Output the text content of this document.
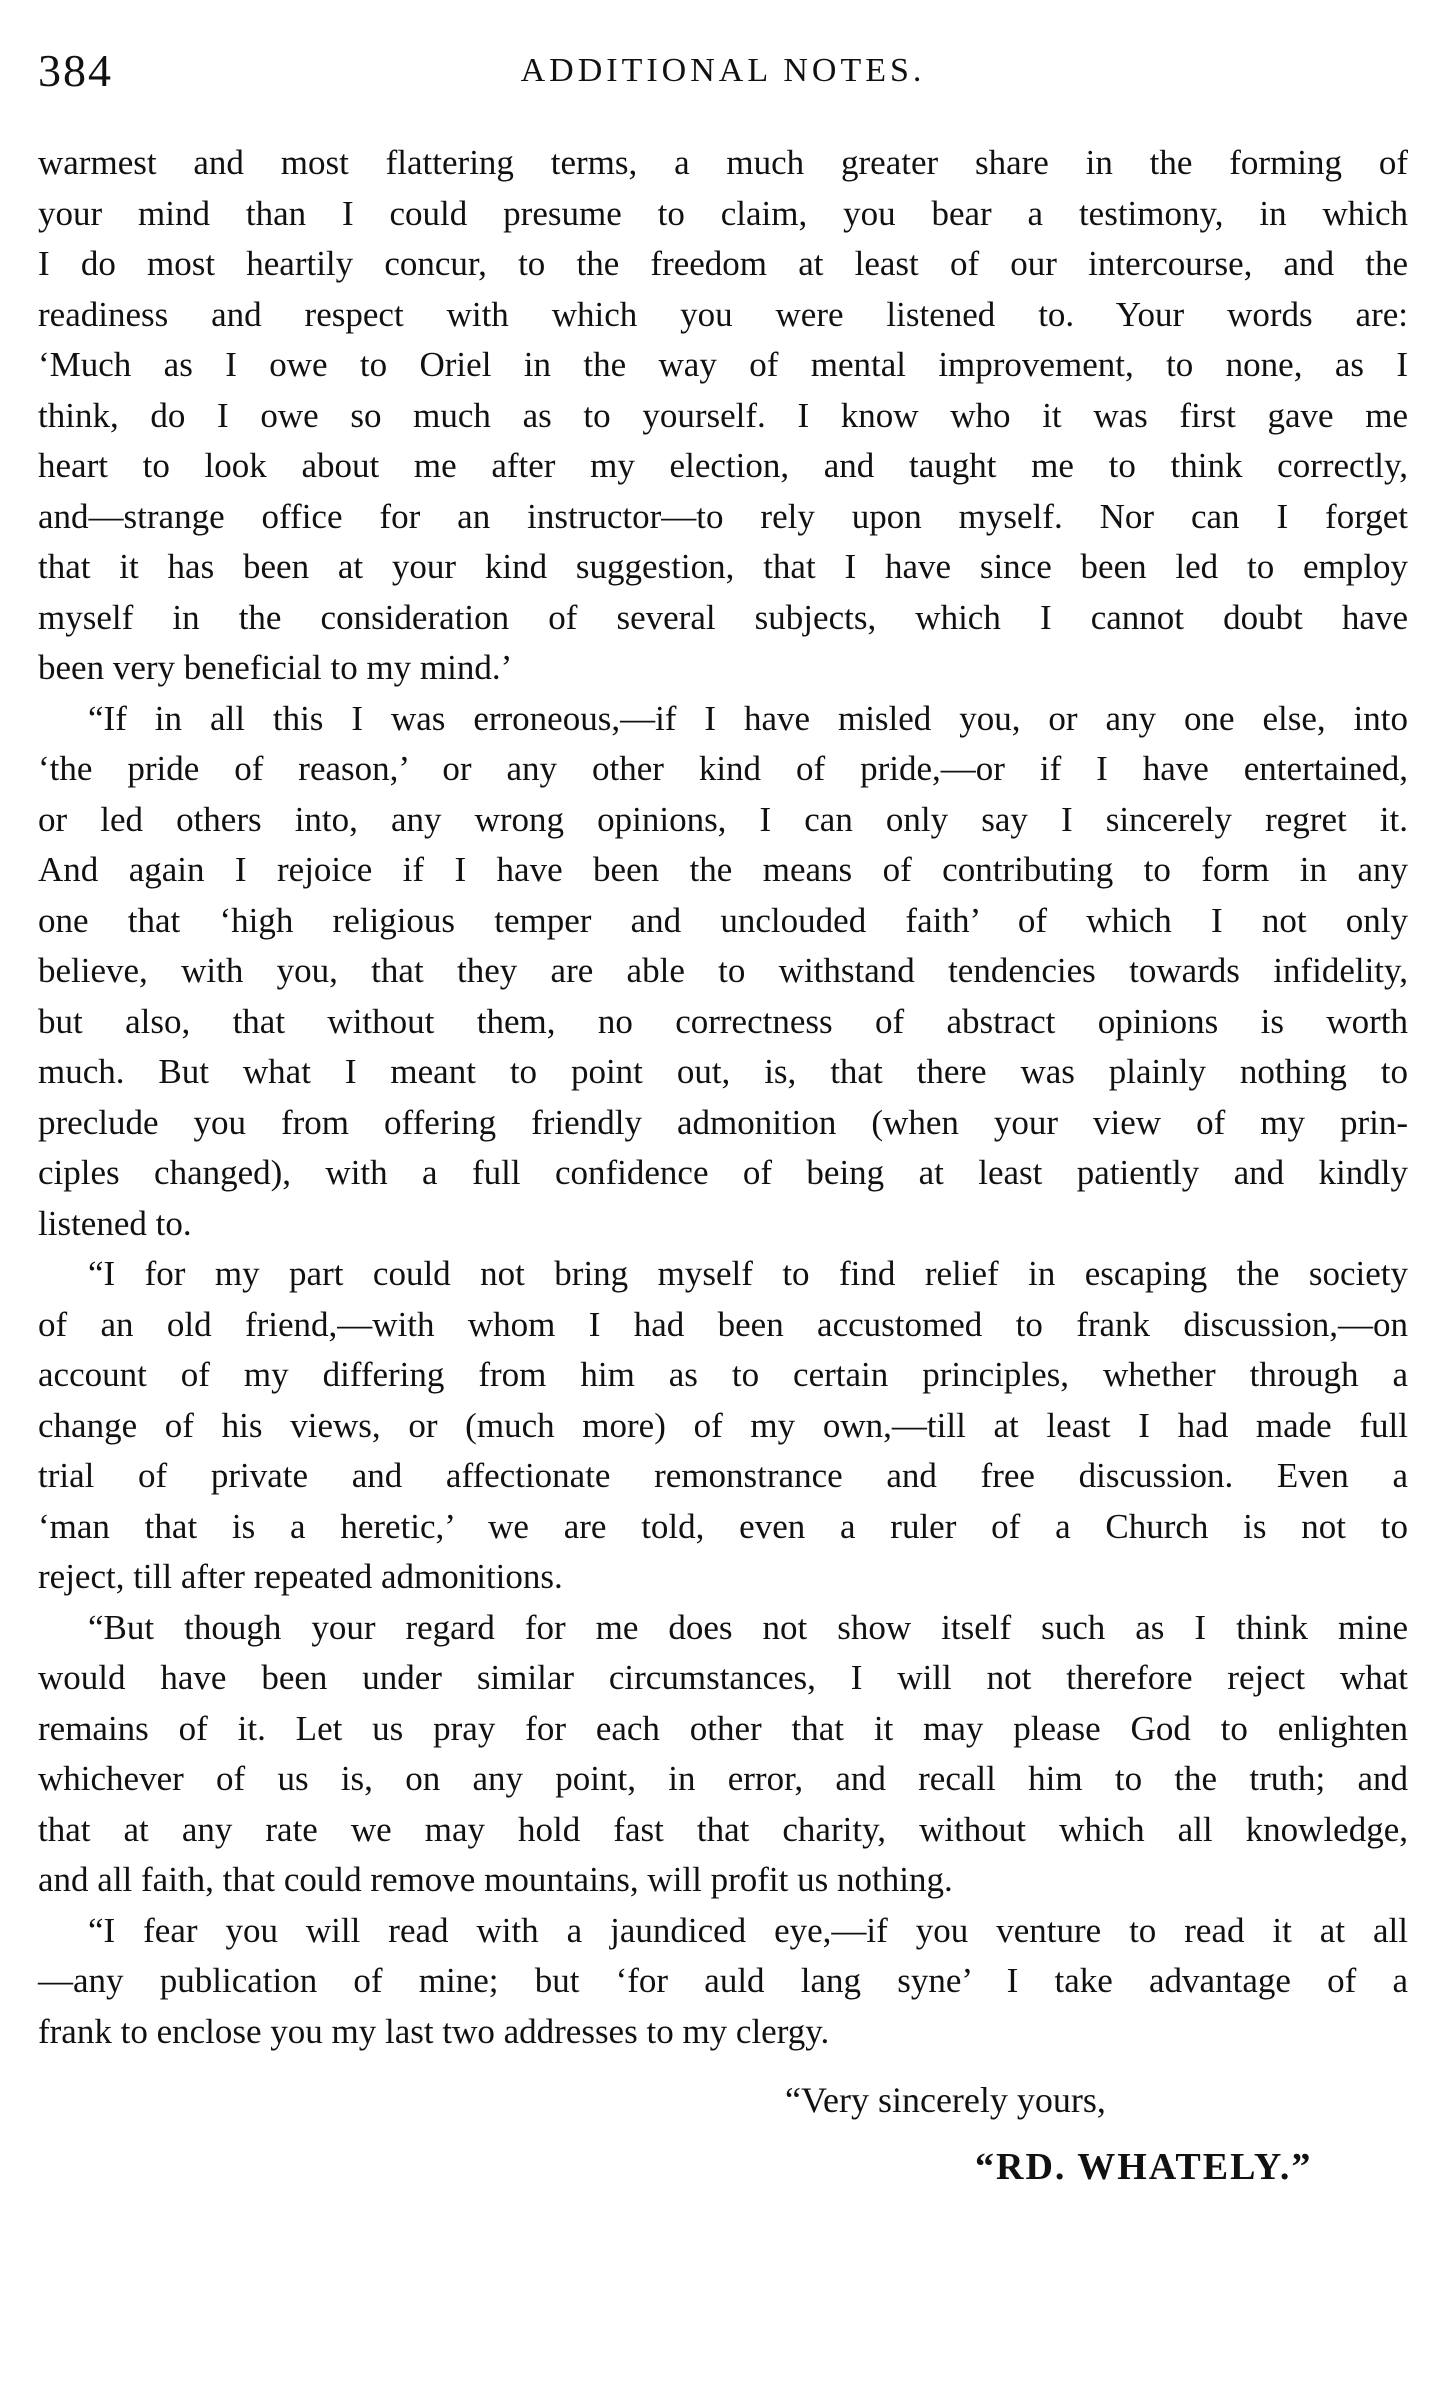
384	ADDITIONAL NOTES.
warmest and most flattering terms, a much greater share in the forming of
your mind than I could presume to claim, you bear a testimony, in which
I do most heartily concur, to the freedom at least of our intercourse, and the
readiness and respect with which you were listened to. Your words are:
‘Much as I owe to Oriel in the way of mental improvement, to none, as I
think, do I owe so much as to yourself. I know who it was first gave me
heart to look about me after my election, and taught me to think correctly,
and—strange office for an instructor—to rely upon myself. Nor can I forget
that it has been at your kind suggestion, that I have since been led to employ
myself in the consideration of several subjects, which I cannot doubt have
been very beneficial to my mind.’
“If in all this I was erroneous,—if I have misled you, or any one else, into
‘the pride of reason,’ or any other kind of pride,—or if I have entertained,
or led others into, any wrong opinions, I can only say I sincerely regret it.
And again I rejoice if I have been the means of contributing to form in any
one that ‘high religious temper and unclouded faith’ of which I not only
believe, with you, that they are able to withstand tendencies towards infidelity,
but also, that without them, no correctness of abstract opinions is worth
much. But what I meant to point out, is, that there was plainly nothing to
preclude you from offering friendly admonition (when your view of my prin-
ciples changed), with a full confidence of being at least patiently and kindly
listened to.
“I for my part could not bring myself to find relief in escaping the society
of an old friend,—with whom I had been accustomed to frank discussion,—on
account of my differing from him as to certain principles, whether through a
change of his views, or (much more) of my own,—till at least I had made full
trial of private and affectionate remonstrance and free discussion. Even a
‘man that is a heretic,’ we are told, even a ruler of a Church is not to
reject, till after repeated admonitions.
“But though your regard for me does not show itself such as I think mine
would have been under similar circumstances, I will not therefore reject what
remains of it. Let us pray for each other that it may please God to enlighten
whichever of us is, on any point, in error, and recall him to the truth; and
that at any rate we may hold fast that charity, without which all knowledge,
and all faith, that could remove mountains, will profit us nothing.
“I fear you will read with a jaundiced eye,—if you venture to read it at all
—any publication of mine; but ‘for auld lang syne’ I take advantage of a
frank to enclose you my last two addresses to my clergy.
“Very sincerely yours,
“RD. WHATELY.”
